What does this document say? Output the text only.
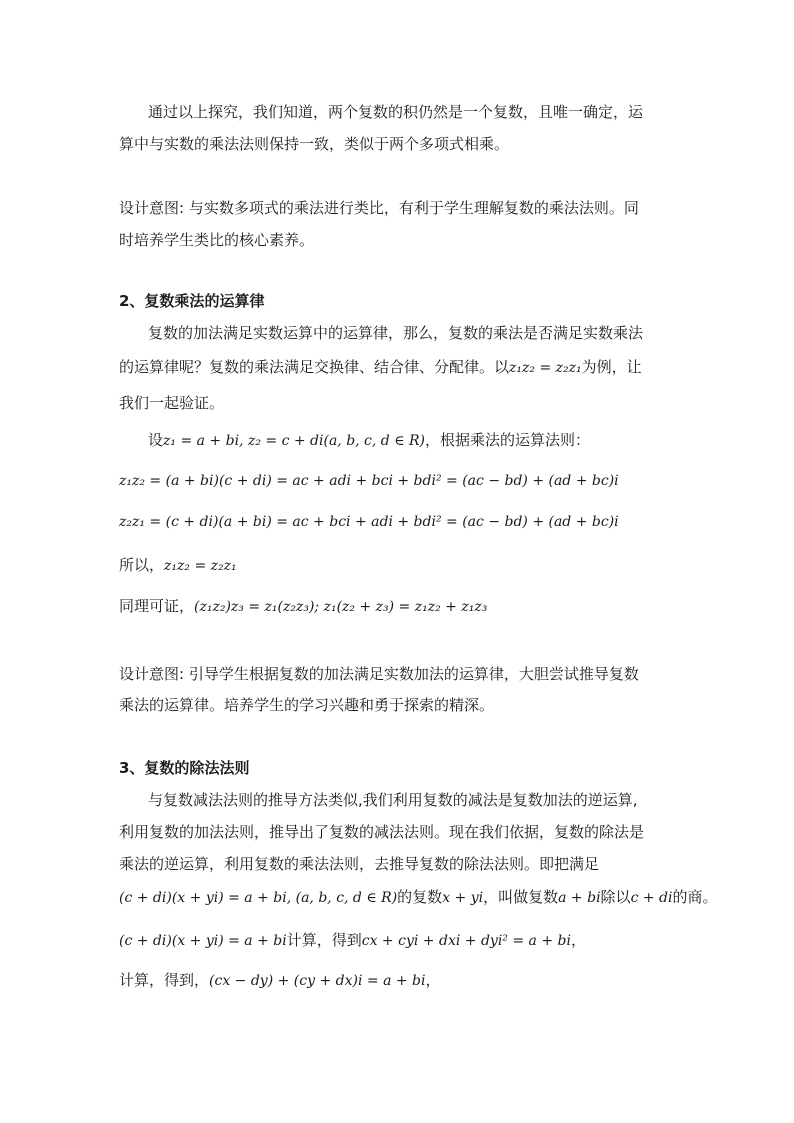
通过以上探究，我们知道，两个复数的积仍然是一个复数，且唯一确定，运
算中与实数的乘法法则保持一致，类似于两个多项式相乘。
设计意图: 与实数多项式的乘法进行类比，有利于学生理解复数的乘法法则。同
时培养学生类比的核心素养。
2、复数乘法的运算律
复数的加法满足实数运算中的运算律，那么，复数的乘法是否满足实数乘法
的运算律呢？复数的乘法满足交换律、结合律、分配律。以z₁z₂ = z₂z₁为例，让
我们一起验证。
设z₁ = a + bi, z₂ = c + di(a, b, c, d ∈ R)，根据乘法的运算法则：
z₁z₂ = (a + bi)(c + di) = ac + adi + bci + bdi² = (ac − bd) + (ad + bc)i
z₂z₁ = (c + di)(a + bi) = ac + bci + adi + bdi² = (ac − bd) + (ad + bc)i
所以，z₁z₂ = z₂z₁
同理可证，(z₁z₂)z₃ = z₁(z₂z₃); z₁(z₂ + z₃) = z₁z₂ + z₁z₃
设计意图: 引导学生根据复数的加法满足实数加法的运算律，大胆尝试推导复数
乘法的运算律。培养学生的学习兴趣和勇于探索的精深。
3、复数的除法法则
与复数减法法则的推导方法类似,我们利用复数的减法是复数加法的逆运算,
利用复数的加法法则，推导出了复数的减法法则。现在我们依据，复数的除法是
乘法的逆运算，利用复数的乘法法则，去推导复数的除法法则。即把满足
(c + di)(x + yi) = a + bi, (a, b, c, d ∈ R)的复数x + yi，叫做复数a + bi除以c + di的商。
(c + di)(x + yi) = a + bi计算，得到cx + cyi + dxi + dyi² = a + bi，
计算，得到，(cx − dy) + (cy + dx)i = a + bi，
